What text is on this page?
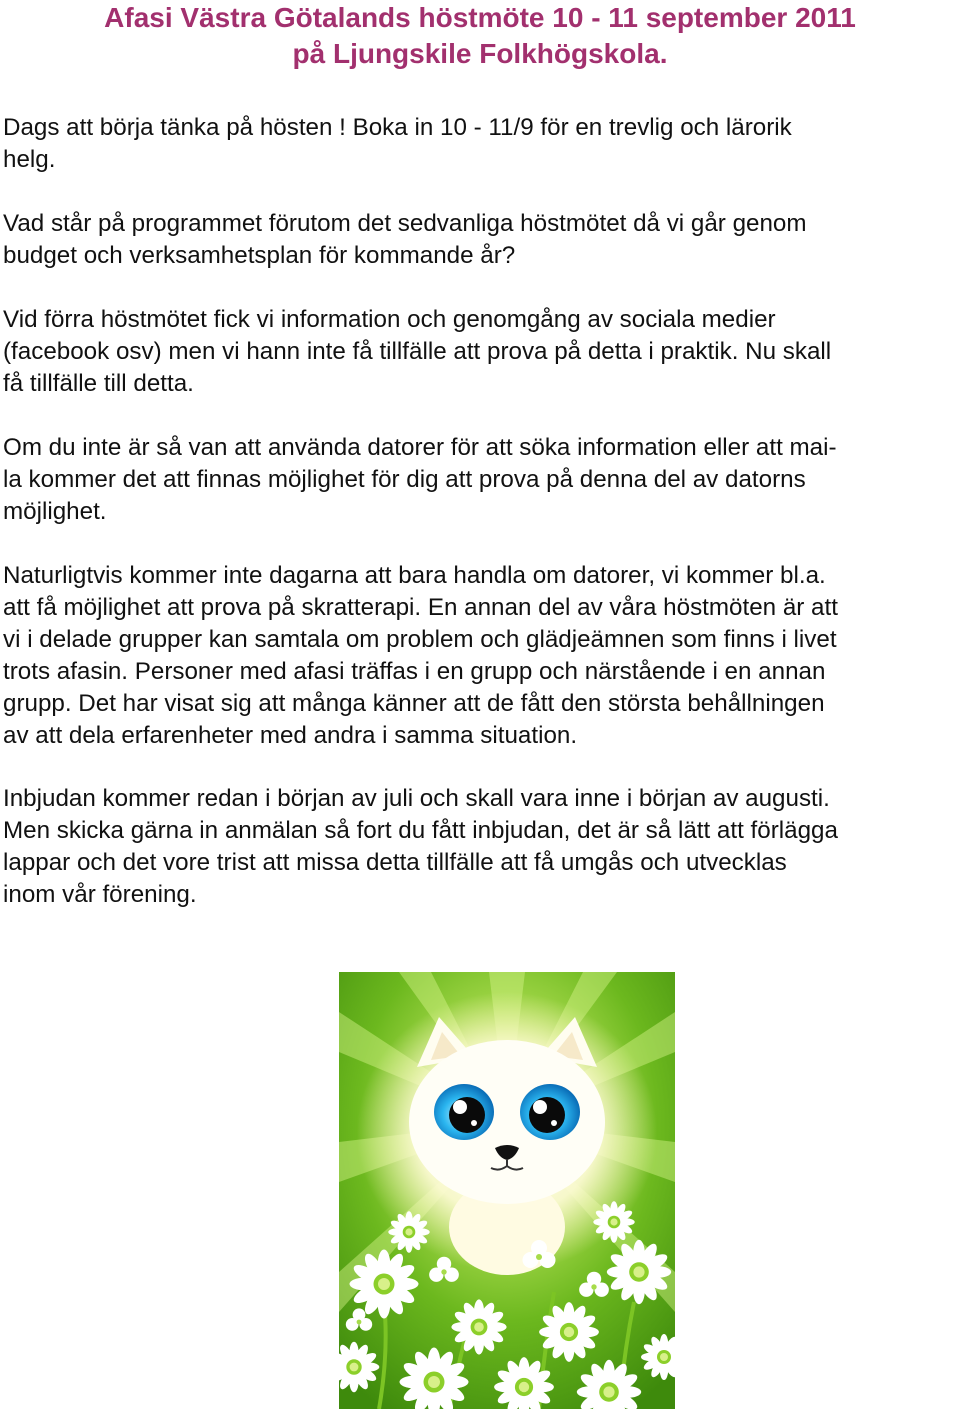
Afasi Västra Götalands höstmöte 10 - 11 september 2011
på Ljungskile Folkhögskola.

Dags att börja tänka på hösten ! Boka in 10 - 11/9 för en trevlig och lärorik
helg.

Vad står på programmet förutom det sedvanliga höstmötet då vi går genom
budget och verksamhetsplan för kommande år?

Vid förra höstmötet fick vi information och genomgång av sociala medier
(facebook osv) men vi hann inte få tillfälle att prova på detta i praktik. Nu skall
få tillfälle till detta.

Om du inte är så van att använda datorer för att söka information eller att mai-
la kommer det att finnas möjlighet för dig att prova på denna del av datorns
möjlighet.

Naturligtvis kommer inte dagarna att bara handla om datorer, vi kommer bl.a.
att få möjlighet att prova på skratterapi. En annan del av våra höstmöten är att
vi i delade grupper kan samtala om problem och glädjeämnen som finns i livet
trots afasin. Personer med afasi träffas i en grupp och närstående i en annan
grupp. Det har visat sig att många känner att de fått den största behållningen
av att dela erfarenheter med andra i samma situation.

Inbjudan kommer redan i början av juli och skall vara inne i början av augusti.
Men skicka gärna in anmälan så fort du fått inbjudan, det är så lätt att förlägga
lappar och det vore trist att missa detta tillfälle att få umgås och utvecklas
inom vår förening.
